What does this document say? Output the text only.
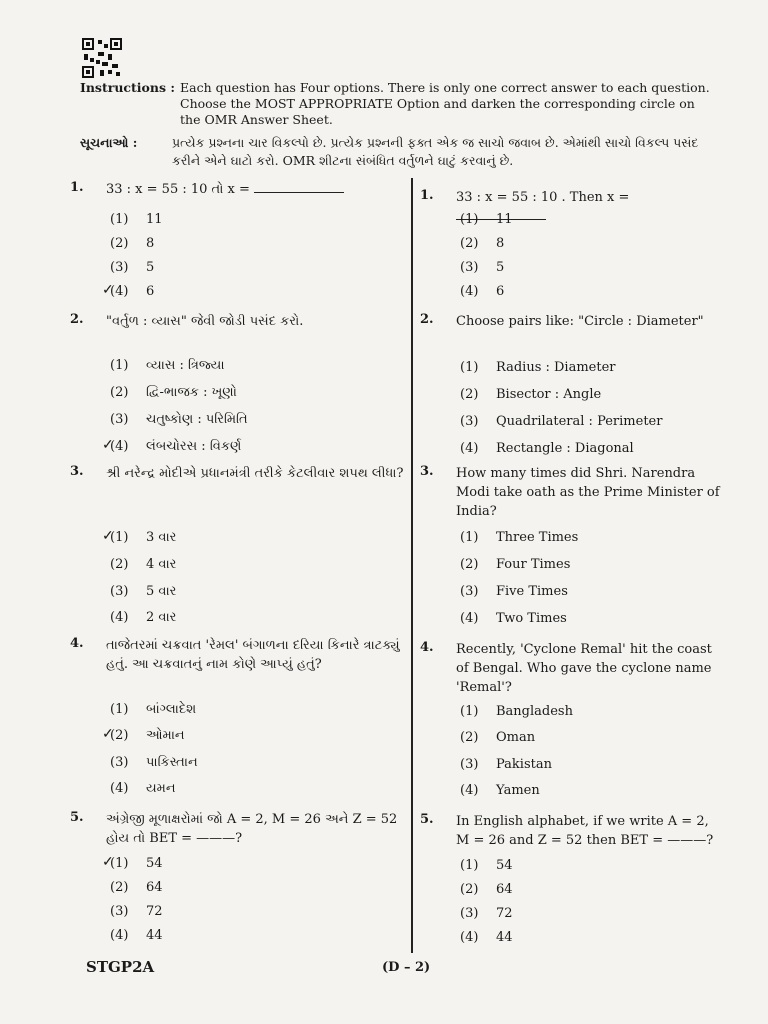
Instructions : Each question has Four options. There is only one correct answer to each question. Choose the MOST APPROPRIATE Option and darken the corresponding circle on the OMR Answer Sheet.
સૂચનાઓ :	પ્રત્યેક પ્રશ્નના ચાર વિકલ્પો છે. પ્રત્યેક પ્રશ્નની ફક્ત એક જ સાચો જવાબ છે. એમાંથી સાચો વિકલ્પ પસંદ કરીને એને ઘાટો કરો. OMR શીટના સંબંધિત વર્તુળને ઘાટું કરવાનું છે.
1. 33 : x = 55 : 10 તો x =
(1) 11
(2) 8
(3) 5
✓
(4) 6
2. "વર્તુળ : વ્યાસ" જેવી જોડી પસંદ કરો.
(1) વ્યાસ : ત્રિજ્યા
(2) દ્વિ-ભાજક : ખૂણો
(3) ચતુષ્કોણ : પરિમિતિ
✓
(4) લંબચોરસ : વિકર્ણ
3. શ્રી નરેન્દ્ર મોદીએ પ્રધાનમંત્રી તરીકે કેટલીવાર શપથ લીધા?
✓
(1) 3 વાર
(2) 4 વાર
(3) 5 વાર
(4) 2 વાર
4. તાજેતરમાં ચક્રવાત 'રેમલ' બંગાળના દરિયા કિનારે ત્રાટક્યું હતું. આ ચક્રવાતનું નામ કોણે આપ્યું હતું?
(1) બાંગ્લાદેશ
✓
(2) ઓમાન
(3) પાકિસ્તાન
(4) યમન
5. અંગ્રેજી મૂળાક્ષરોમાં જો A = 2, M = 26 અને Z = 52 હોય તો BET = ———?
✓
(1) 54
(2) 64
(3) 72
(4) 44
1. 33 : x = 55 : 10 . Then x =
(1) 11
(2) 8
(3) 5
(4) 6
2. Choose pairs like: "Circle : Diameter"
(1) Radius : Diameter
(2) Bisector : Angle
(3) Quadrilateral : Perimeter
(4) Rectangle : Diagonal
3. How many times did Shri. Narendra Modi take oath as the Prime Minister of India?
(1) Three Times
(2) Four Times
(3) Five Times
(4) Two Times
4. Recently, 'Cyclone Remal' hit the coast of Bengal. Who gave the cyclone name 'Remal'?
(1) Bangladesh
(2) Oman
(3) Pakistan
(4) Yamen
5. In English alphabet, if we write A = 2, M = 26 and Z = 52 then BET = ———?
(1) 54
(2) 64
(3) 72
(4) 44
STGP2A	(D – 2)
